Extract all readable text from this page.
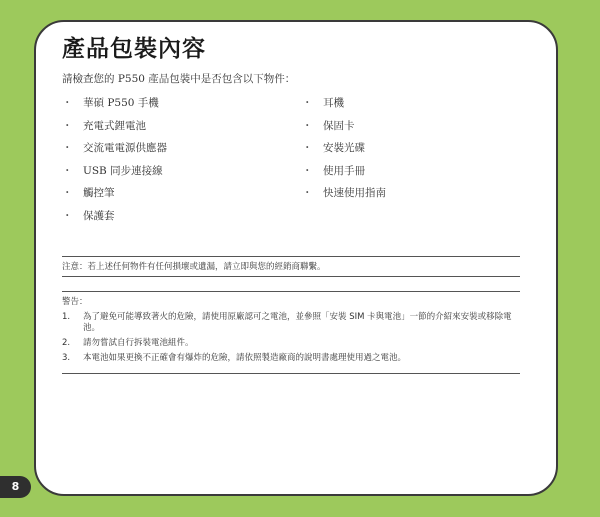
產品包裝內容
請檢查您的 P550 產品包裝中是否包含以下物件：
・ 華碩 P550 手機
・ 充電式鋰電池
・ 交流電電源供應器
・ USB 同步連接線
・ 觸控筆
・ 保護套
・ 耳機
・ 保固卡
・ 安裝光碟
・ 使用手冊
・ 快速使用指南
注意：若上述任何物件有任何損壞或遺漏，請立即與您的經銷商聯繫。
警告：
1.	為了避免可能導致著火的危險，請使用原廠認可之電池，並參照「安裝 SIM 卡與電池」一節的介紹來安裝或移除電池。
2.	請勿嘗試自行拆裝電池組件。
3.	本電池如果更換不正確會有爆炸的危險，請依照製造廠商的說明書處理使用過之電池。
8
